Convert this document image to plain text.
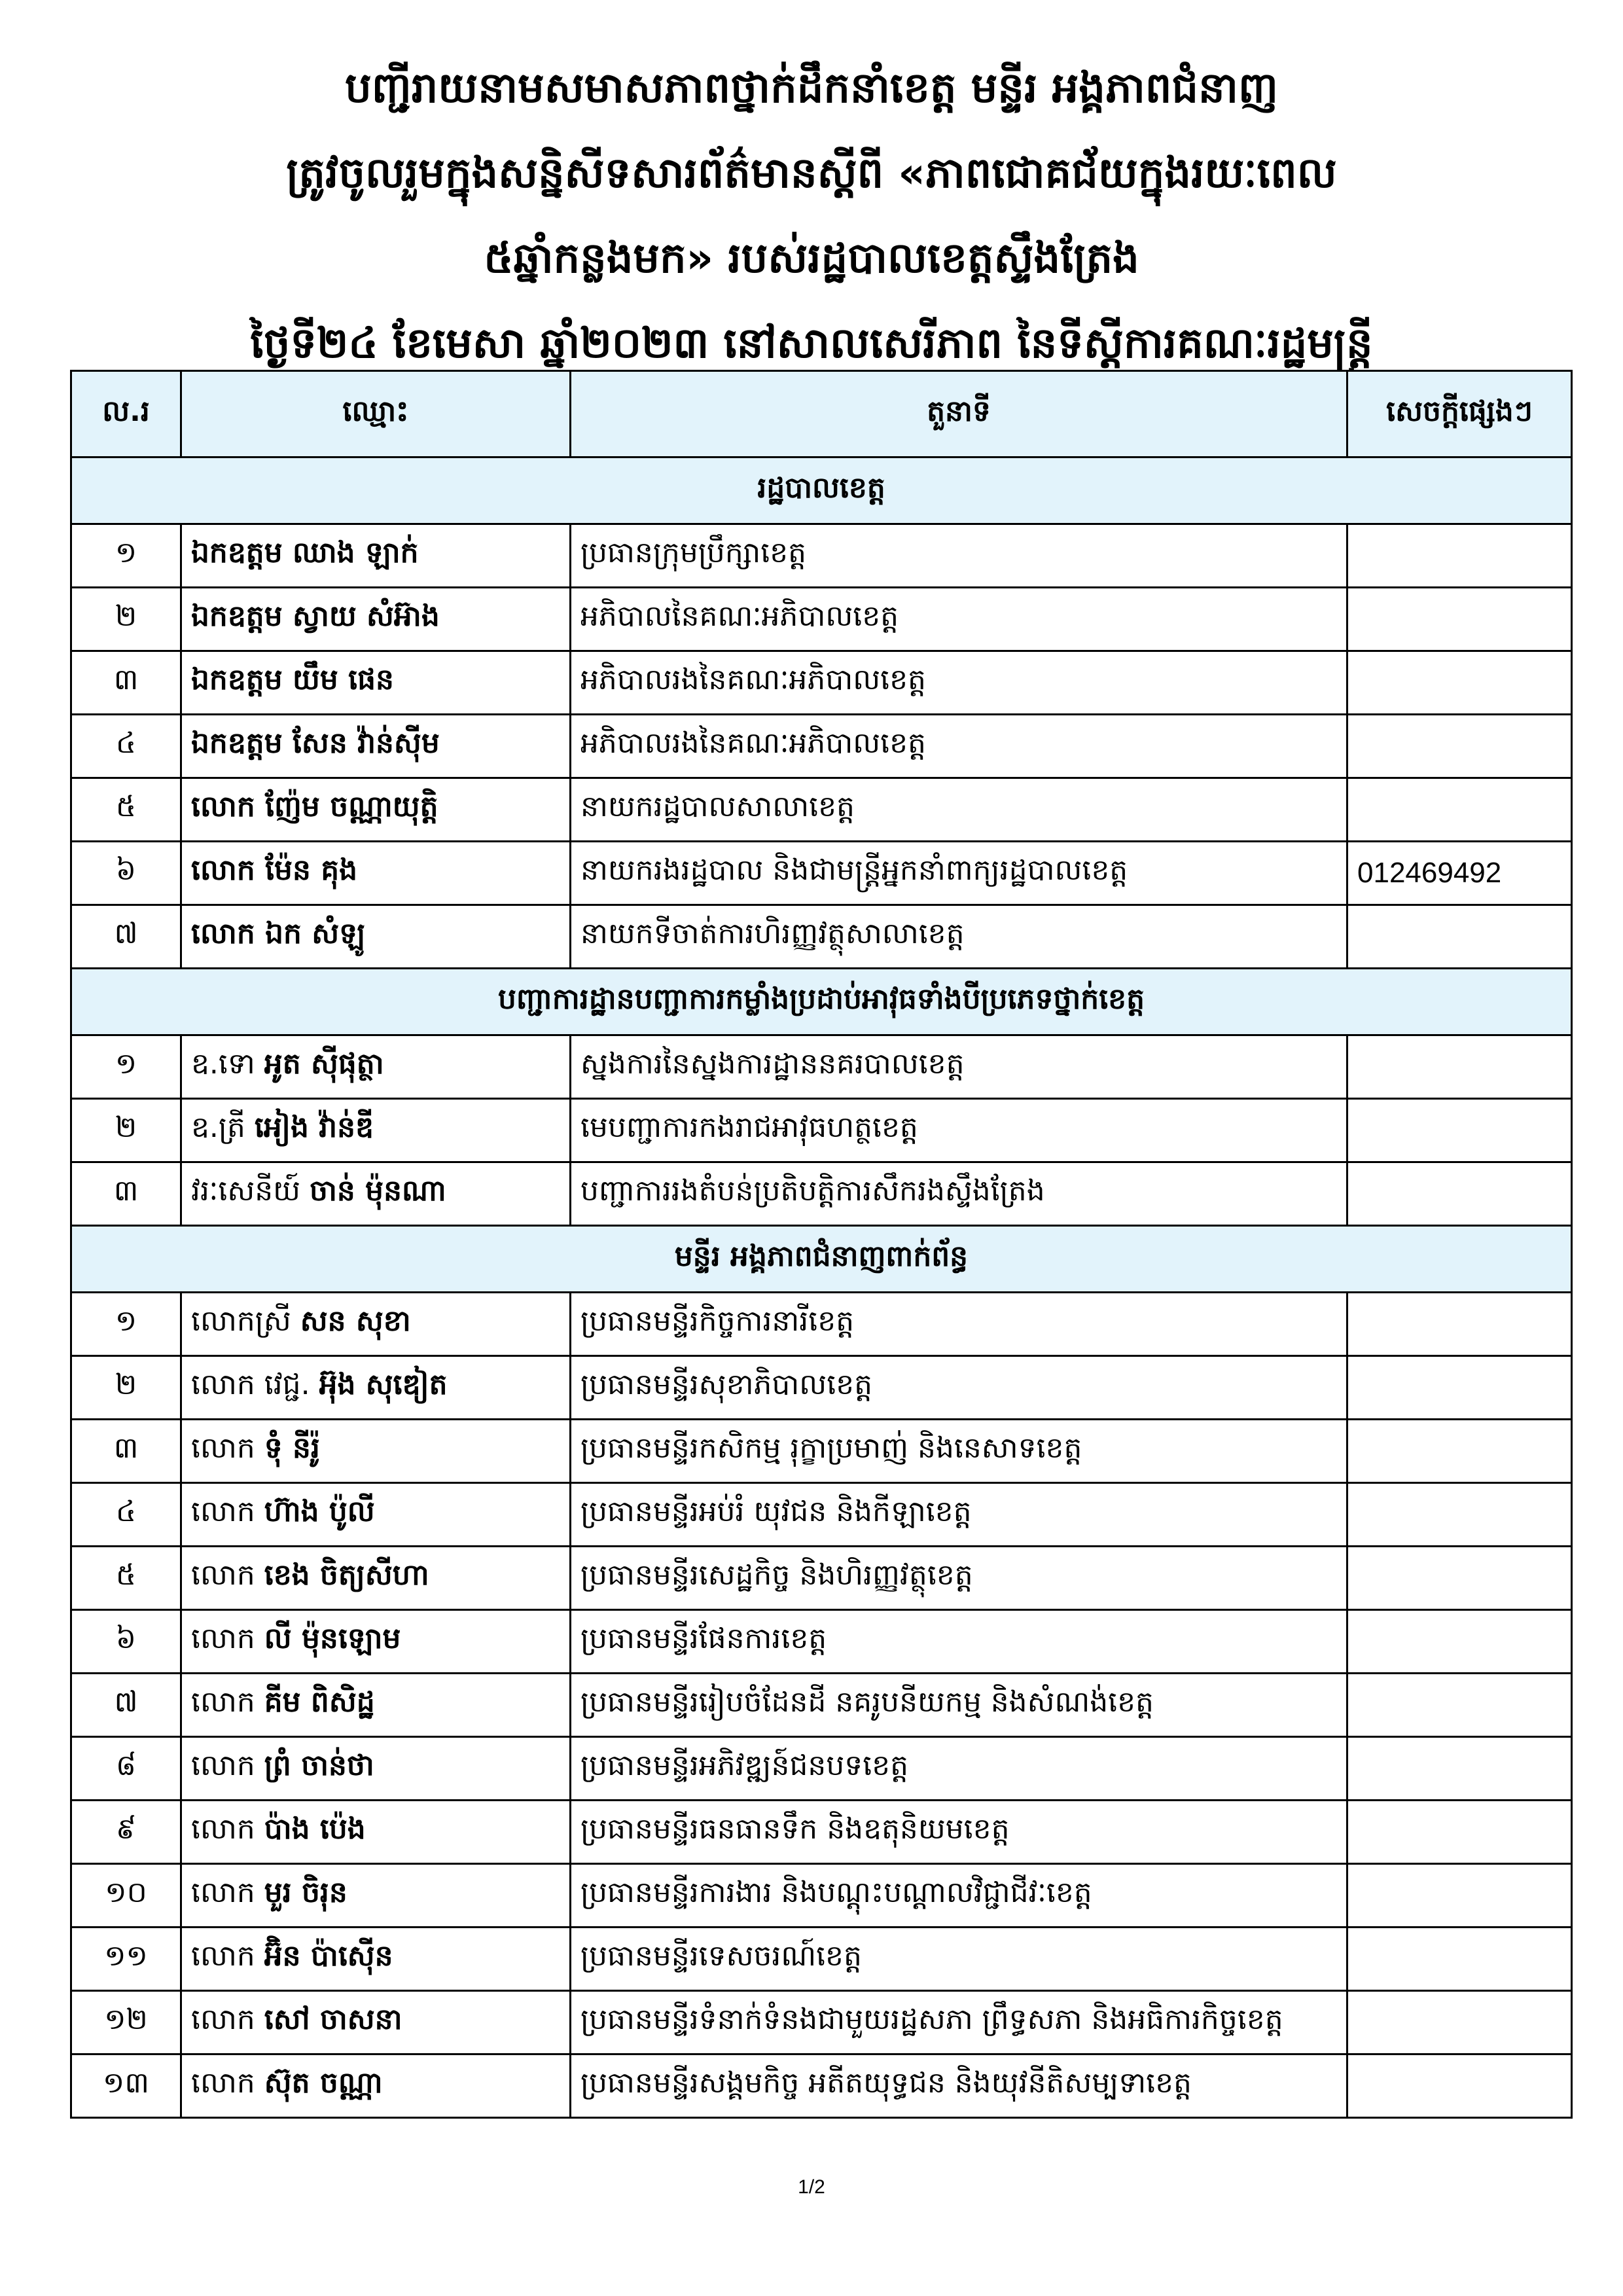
បញ្ជីរាយនាមសមាសភាពថ្នាក់ដឹកនាំខេត្ត មន្ទីរ អង្គភាពជំនាញ
ត្រូវចូលរួមក្នុងសន្និសីទសារព័ត៌មានស្តីពី «ភាពជោគជ័យក្នុងរយៈពេល
៥ឆ្នាំកន្លងមក» របស់រដ្ឋបាលខេត្តស្ទឹងត្រែង
ថ្ងៃទី២៤ ខែមេសា ឆ្នាំ២០២៣ នៅសាលសេរីភាព នៃទីស្តីការគណៈរដ្ឋមន្ត្រី
ល.រ	ឈ្មោះ	តួនាទី	សេចក្តីផ្សេងៗ
រដ្ឋបាលខេត្ត			
១	ឯកឧត្តម ឈាង ឡាក់	ប្រធានក្រុមប្រឹក្សាខេត្ត	
២	ឯកឧត្តម ស្វាយ សំអ៊ាង	អភិបាលនៃគណៈអភិបាលខេត្ត	
៣	ឯកឧត្តម យឹម ផេន	អភិបាលរងនៃគណៈអភិបាលខេត្ត	
៤	ឯកឧត្តម សែន វ៉ាន់ស៊ីម	អភិបាលរងនៃគណៈអភិបាលខេត្ត	
៥	លោក ញ៉ែម ចណ្ណាយុត្តិ	នាយករដ្ឋបាលសាលាខេត្ត	
៦	លោក ម៉ែន គុង	នាយករងរដ្ឋបាល និងជាមន្ត្រីអ្នកនាំពាក្យរដ្ឋបាលខេត្ត	012469492
៧	លោក ឯក សំឡូ	នាយកទីចាត់ការហិរញ្ញវត្ថុសាលាខេត្ត	
បញ្ជាការដ្ឋានបញ្ជាការកម្លាំងប្រដាប់អាវុធទាំងបីប្រភេទថ្នាក់ខេត្ត			
១	ឧ.ទោ អូត ស៊ីផុត្ថា	ស្នងការនៃស្នងការដ្ឋាននគរបាលខេត្ត	
២	ឧ.ត្រី អៀង វ៉ាន់ឌី	មេបញ្ជាការកងរាជអាវុធហត្ថខេត្ត	
៣	វរៈសេនីយ៍ ចាន់ ម៉ុនណា	បញ្ជាការរងតំបន់ប្រតិបត្តិការសឹករងស្ទឹងត្រែង	
មន្ទីរ អង្គភាពជំនាញពាក់ព័ន្ធ			
១	លោកស្រី សន សុខា	ប្រធានមន្ទីរកិច្ចការនារីខេត្ត	
២	លោក វេជ្ជ. អ៊ុង សុឌៀត	ប្រធានមន្ទីរសុខាភិបាលខេត្ត	
៣	លោក ទុំ នីរ៉ូ	ប្រធានមន្ទីរកសិកម្ម រុក្ខាប្រមាញ់ និងនេសាទខេត្ត	
៤	លោក ហ៊ាង ប៉ូលី	ប្រធានមន្ទីរអប់រំ យុវជន និងកីឡាខេត្ត	
៥	លោក ខេង ចិត្យសីហា	ប្រធានមន្ទីរសេដ្ឋកិច្ច និងហិរញ្ញវត្ថុខេត្ត	
៦	លោក លី ម៉ុនឡោម	ប្រធានមន្ទីរផែនការខេត្ត	
៧	លោក គីម ពិសិដ្ឋ	ប្រធានមន្ទីររៀបចំដែនដី នគរូបនីយកម្ម និងសំណង់ខេត្ត	
៨	លោក ព្រំ ចាន់ថា	ប្រធានមន្ទីរអភិវឌ្ឍន៍ជនបទខេត្ត	
៩	លោក ប៉ាង ប៉េង	ប្រធានមន្ទីរធនធានទឹក និងឧតុនិយមខេត្ត	
១០	លោក មួរ ចិរុន	ប្រធានមន្ទីរការងារ និងបណ្តុះបណ្តាលវិជ្ជាជីវៈខេត្ត	
១១	លោក អ៊ិន ប៉ាស៊ើន	ប្រធានមន្ទីរទេសចរណ៍ខេត្ត	
១២	លោក សៅ ចាសនា	ប្រធានមន្ទីរទំនាក់ទំនងជាមួយរដ្ឋសភា ព្រឹទ្ធសភា និងអធិការកិច្ចខេត្ត	
១៣	លោក ស៊ុត ចណ្ណា	ប្រធានមន្ទីរសង្គមកិច្ច អតីតយុទ្ធជន និងយុវនីតិសម្បទាខេត្ត	
1/2
